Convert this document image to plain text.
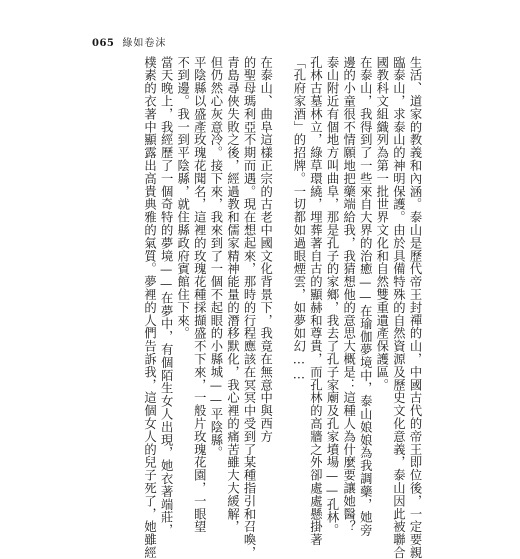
065 綠如卷沫
生活、道家的教義和內涵。泰山是歷代帝王封禪的山，中國古代的帝王即位後，一定要親
臨泰山，求泰山的神明保護。由於具備特殊的自然資源及歷史文化意義，泰山因此被聯合
國教科文組織列為第一批世界文化和自然雙重遺產保護區。
在泰山，我得到了一些來自大界的治癒——在瑜伽夢境中，泰山娘娘為我調藥，她旁
邊的小童很不情願地把藥端給我，我猜想他的意思大概是：這種人為什麼要讓她醫？
泰山附近有個地方叫曲阜，那是孔子的家鄉，我去了孔子家廟及孔家墳場——孔林。
孔林古墓林立，綠草環繞，埋葬著自古的顯赫和尊貴，而孔林的高牆之外卻處處懸掛著
「孔府家酒」的招牌。一切都如過眼煙雲，如夢如幻……
在泰山、曲阜這樣正宗的古老中國文化背景下，我竟在無意中與西方
的聖母瑪利亞不期而遇。現在想起來，那時的行程應該在冥冥中受到了某種指引和召喚，
青島尋俠失敗之後，經過教和儒家精神能量的潛移默化，我心裡的痛苦雖大大緩解，
但仍然心灰意冷。接下來，我來到了一個不起眼的小縣城——平陰縣。
平陰縣以盛產玫瑰花聞名，這裡的玫瑰花種採擷盛不下來，一般片玫瑰花園，一眼望
不到邊。我一到平陰縣，就住縣政府賓館住下來。
當天晚上，我經歷了一個奇特的夢境——在夢中，有個陌生女人出現，她衣著端莊，
樸素的衣著中顯露出高貴典雅的氣質。夢裡的人們告訴我，這個女人的兒子死了，她雖經
